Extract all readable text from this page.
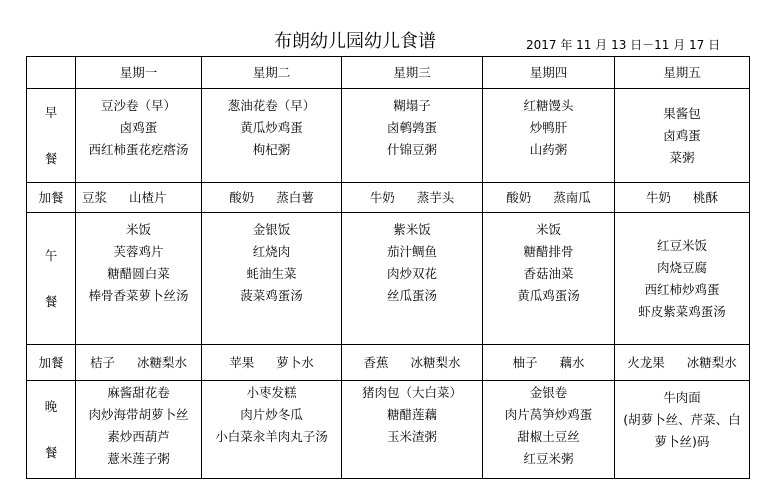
布朗幼儿园幼儿食谱	2017 年 11 月 13 日－11 月 17 日
	星期一	星期二	星期三	星期四	星期五

早
餐	豆沙卷（早）
卤鸡蛋
西红柿蛋花疙瘩汤	葱油花卷（早）
黄瓜炒鸡蛋
枸杞粥	糊塌子
卤鹌鹑蛋
什锦豆粥	红糖馒头
炒鸭肝
山药粥	果酱包
卤鸡蛋
菜粥

加餐	豆浆 山楂片	酸奶 蒸白薯	牛奶 蒸芋头	酸奶 蒸南瓜	牛奶 桃酥

午
餐	米饭
芙蓉鸡片
糖醋圆白菜
棒骨香菜萝卜丝汤	金银饭
红烧肉
蚝油生菜
菠菜鸡蛋汤	紫米饭
茄汁鲷鱼
肉炒双花
丝瓜蛋汤	米饭
糖醋排骨
香菇油菜
黄瓜鸡蛋汤	红豆米饭
肉烧豆腐
西红柿炒鸡蛋
虾皮紫菜鸡蛋汤

加餐	桔子 冰糖梨水	苹果 萝卜水	香蕉 冰糖梨水	柚子 藕水	火龙果 冰糖梨水

晚
餐	麻酱甜花卷
肉炒海带胡萝卜丝
素炒西葫芦
薏米莲子粥	小枣发糕
肉片炒冬瓜
小白菜汆羊肉丸子汤	猪肉包（大白菜）
糖醋莲藕
玉米渣粥	金银卷
肉片莴笋炒鸡蛋
甜椒土豆丝
红豆米粥	牛肉面
(胡萝卜丝、芹菜、白
萝卜丝)码
